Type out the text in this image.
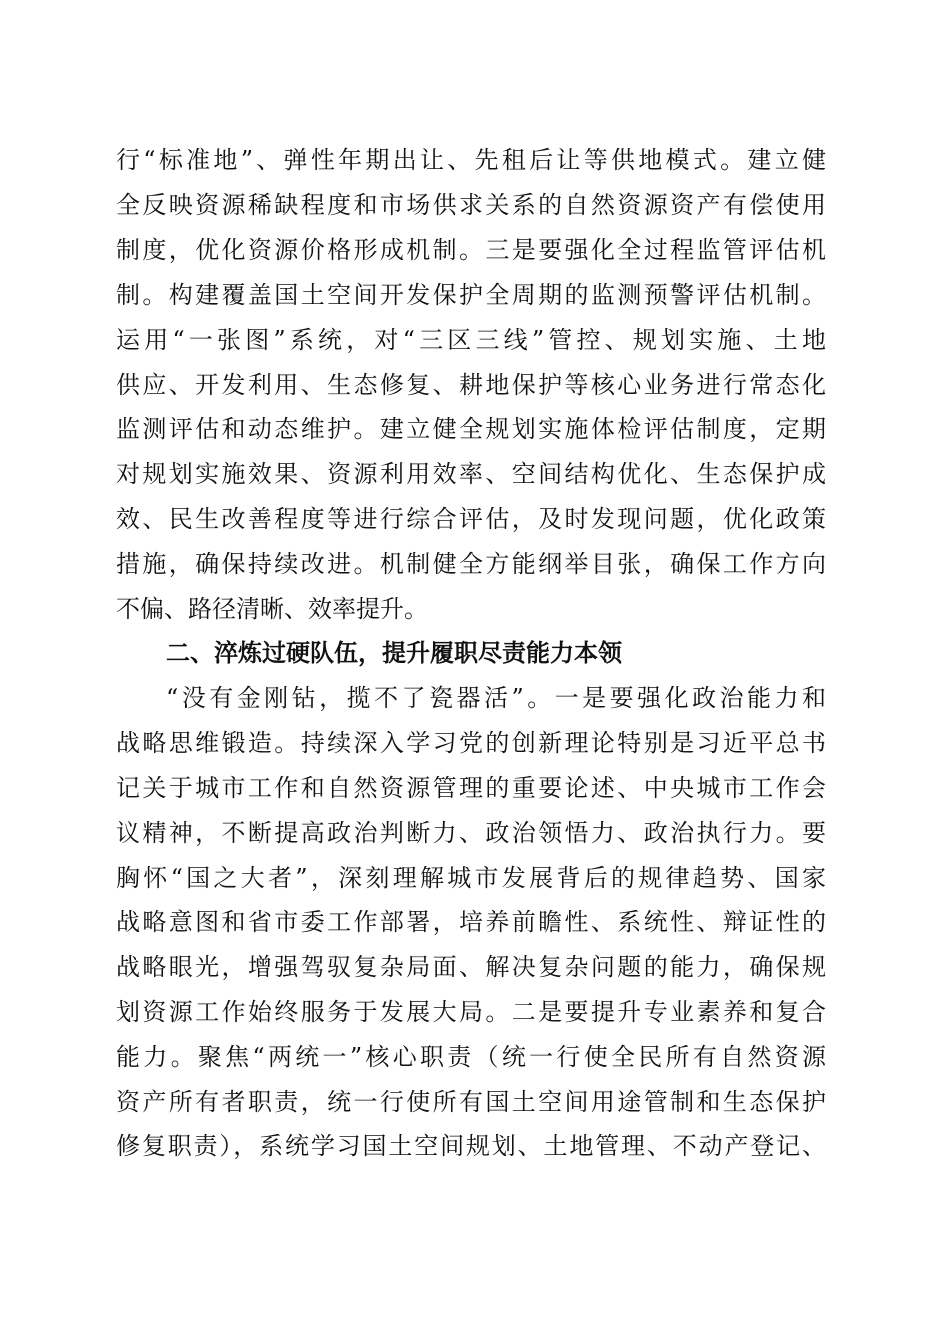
行“标准地”、弹性年期出让、先租后让等供地模式。建立健
全反映资源稀缺程度和市场供求关系的自然资源资产有偿使用
制度，优化资源价格形成机制。三是要强化全过程监管评估机
制。构建覆盖国土空间开发保护全周期的监测预警评估机制。
运用“一张图”系统，对“三区三线”管控、规划实施、土地
供应、开发利用、生态修复、耕地保护等核心业务进行常态化
监测评估和动态维护。建立健全规划实施体检评估制度，定期
对规划实施效果、资源利用效率、空间结构优化、生态保护成
效、民生改善程度等进行综合评估，及时发现问题，优化政策
措施，确保持续改进。机制健全方能纲举目张，确保工作方向
不偏、路径清晰、效率提升。
二、淬炼过硬队伍，提升履职尽责能力本领
“没有金刚钻，揽不了瓷器活”。一是要强化政治能力和
战略思维锻造。持续深入学习党的创新理论特别是习近平总书
记关于城市工作和自然资源管理的重要论述、中央城市工作会
议精神，不断提高政治判断力、政治领悟力、政治执行力。要
胸怀“国之大者”，深刻理解城市发展背后的规律趋势、国家
战略意图和省市委工作部署，培养前瞻性、系统性、辩证性的
战略眼光，增强驾驭复杂局面、解决复杂问题的能力，确保规
划资源工作始终服务于发展大局。二是要提升专业素养和复合
能力。聚焦“两统一”核心职责（统一行使全民所有自然资源
资产所有者职责，统一行使所有国土空间用途管制和生态保护
修复职责），系统学习国土空间规划、土地管理、不动产登记、
